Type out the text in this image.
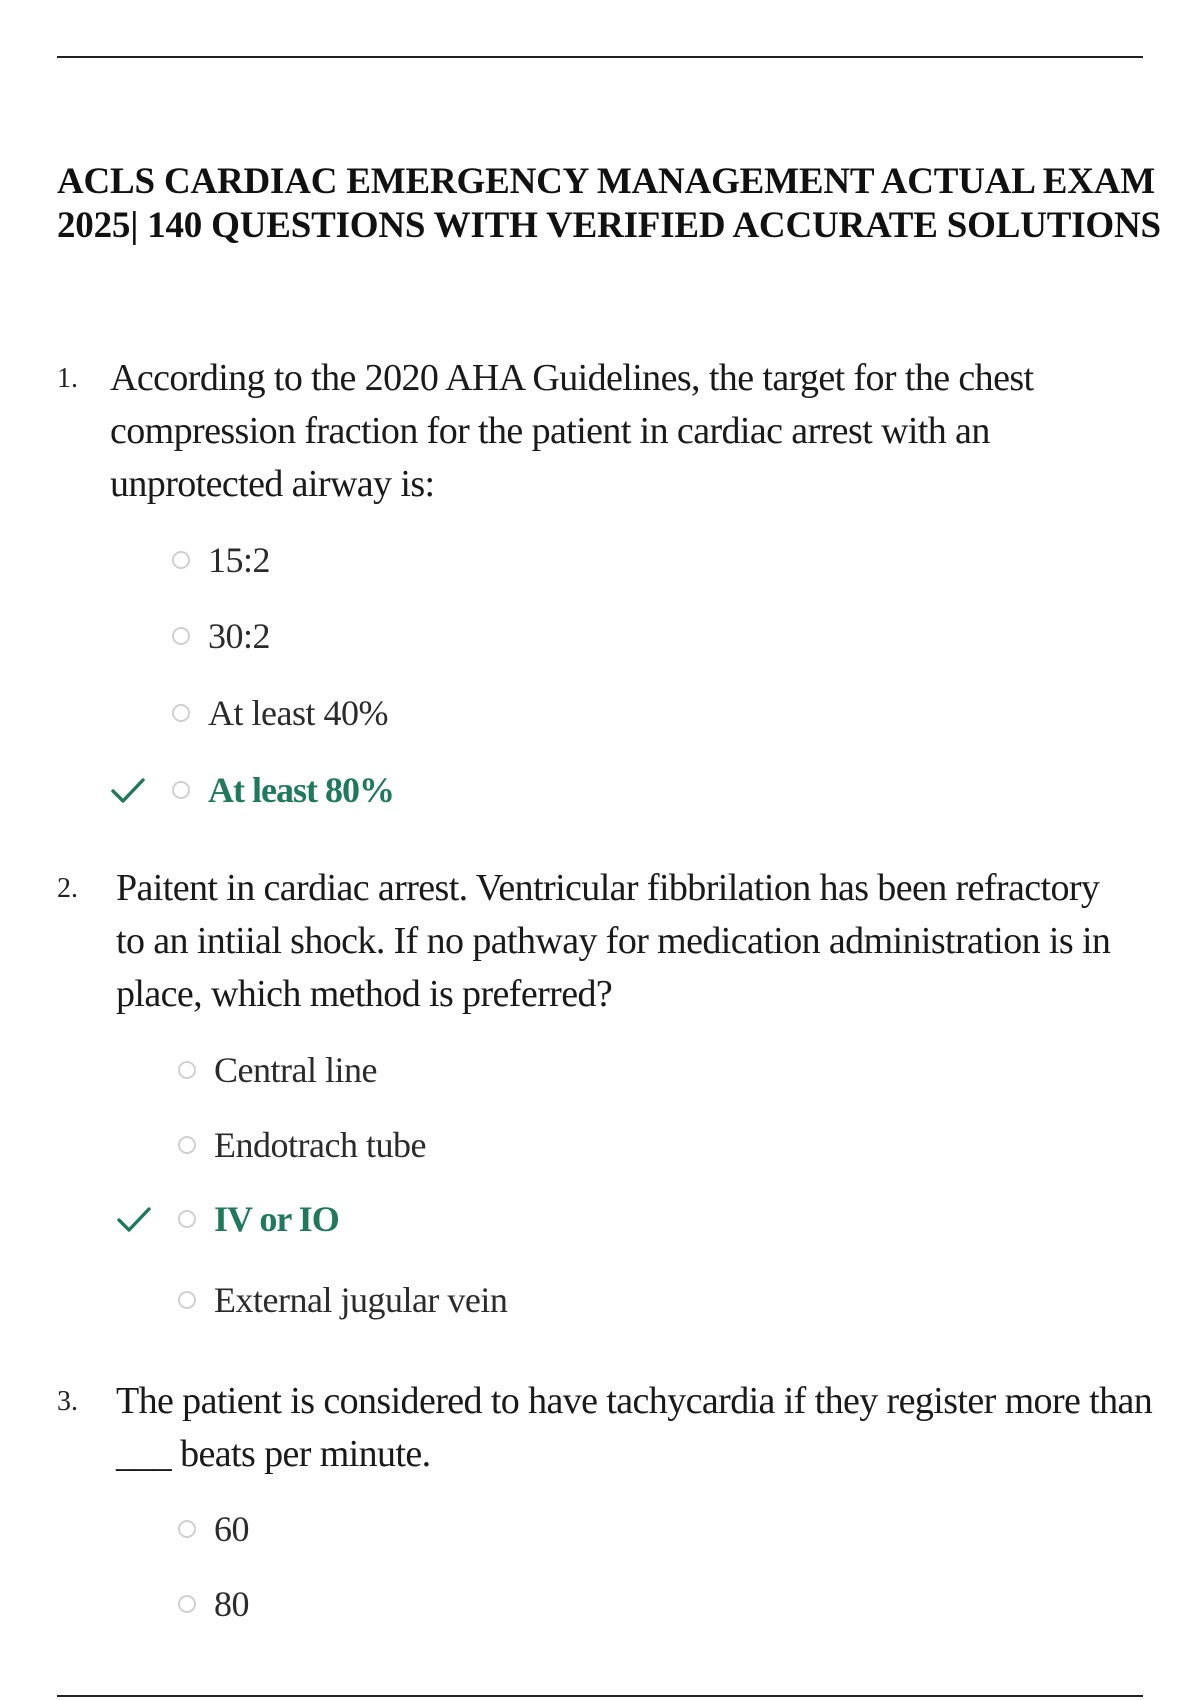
ACLS CARDIAC EMERGENCY MANAGEMENT ACTUAL EXAM
2025| 140 QUESTIONS WITH VERIFIED ACCURATE SOLUTIONS
1. According to the 2020 AHA Guidelines, the target for the chest
compression fraction for the patient in cardiac arrest with an
unprotected airway is:
15:2
30:2
At least 40%
At least 80%
2. Paitent in cardiac arrest. Ventricular fibbrilation has been refractory
to an intiial shock. If no pathway for medication administration is in
place, which method is preferred?
Central line
Endotrach tube
IV or IO
External jugular vein
3. The patient is considered to have tachycardia if they register more than
___ beats per minute.
60
80
